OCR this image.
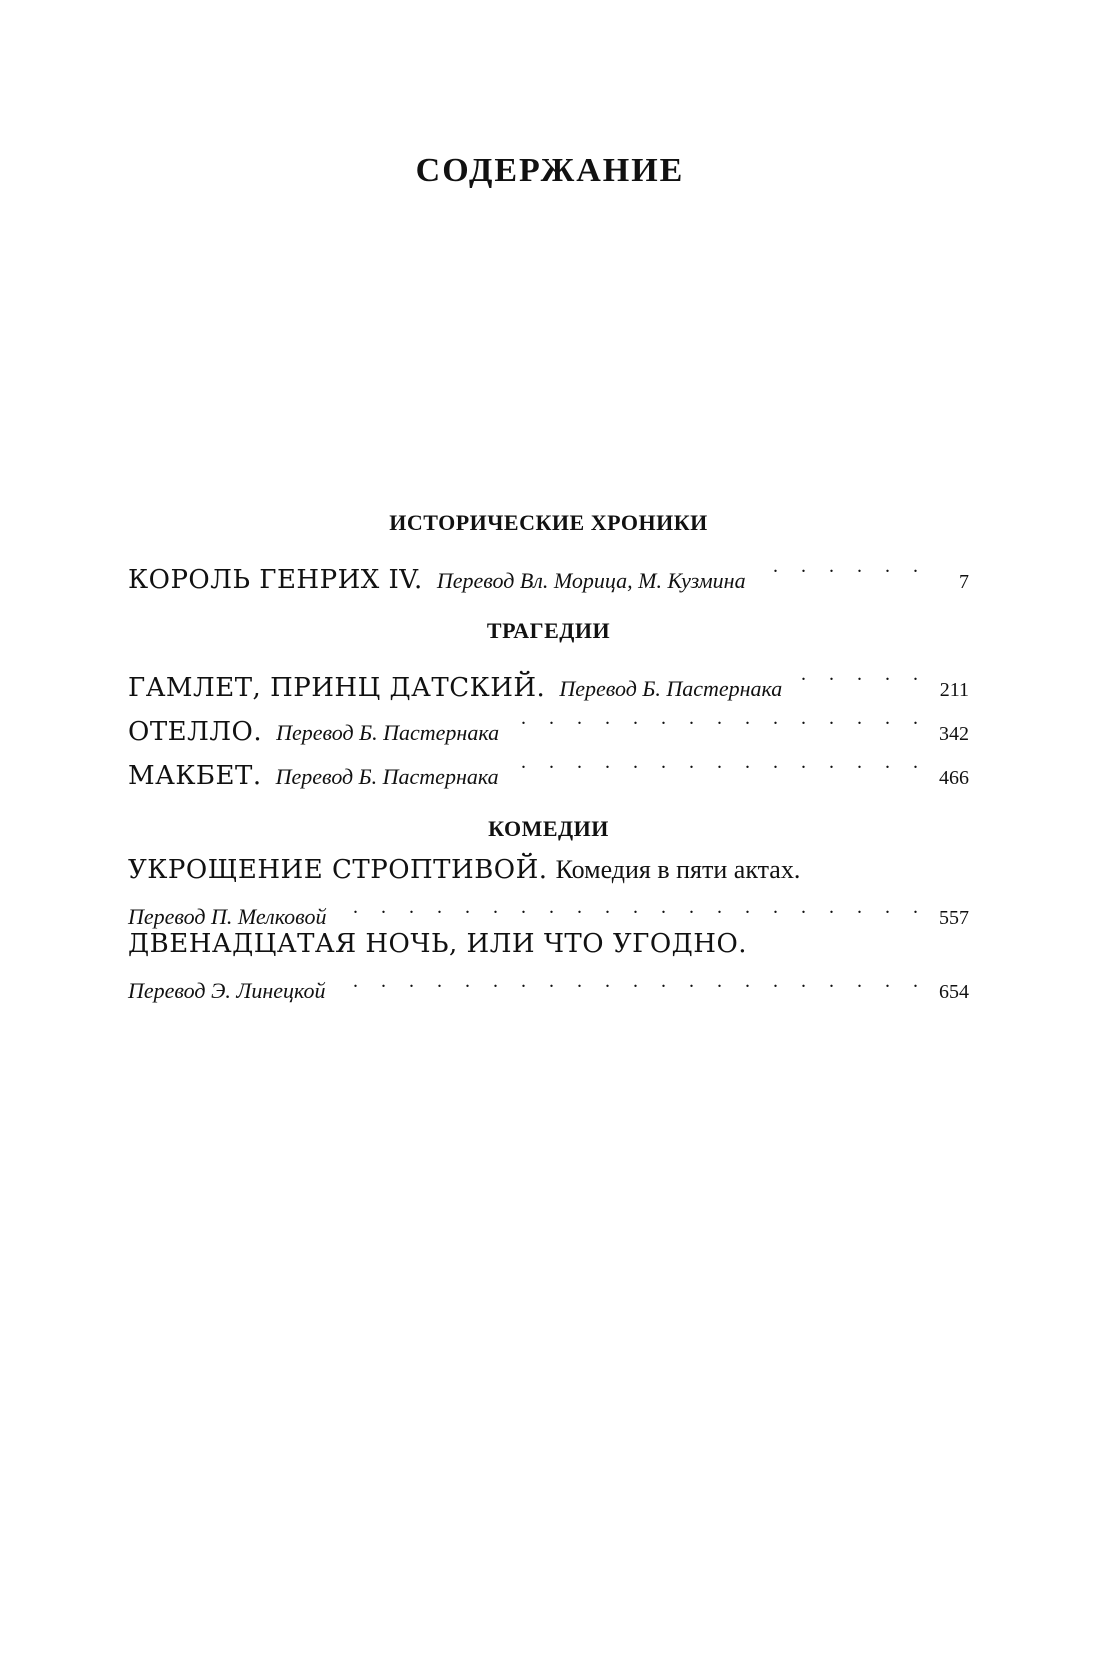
СОДЕРЖАНИЕ
ИСТОРИЧЕСКИЕ ХРОНИКИ
КОРОЛЬ ГЕНРИХ IV. Перевод Вл. Морица, М. Кузмина . . .	7
ТРАГЕДИИ
ГАМЛЕТ, ПРИНЦ ДАТСКИЙ. Перевод Б. Пастернака . . .	211
ОТЕЛЛО. Перевод Б. Пастернака . . .	342
МАКБЕТ. Перевод Б. Пастернака . . .	466
КОМЕДИИ
УКРОЩЕНИЕ СТРОПТИВОЙ. Комедия в пяти актах.
Перевод П. Мелковой . . .	557
ДВЕНАДЦАТАЯ НОЧЬ, ИЛИ ЧТО УГОДНО.
Перевод Э. Линецкой . . .	654
